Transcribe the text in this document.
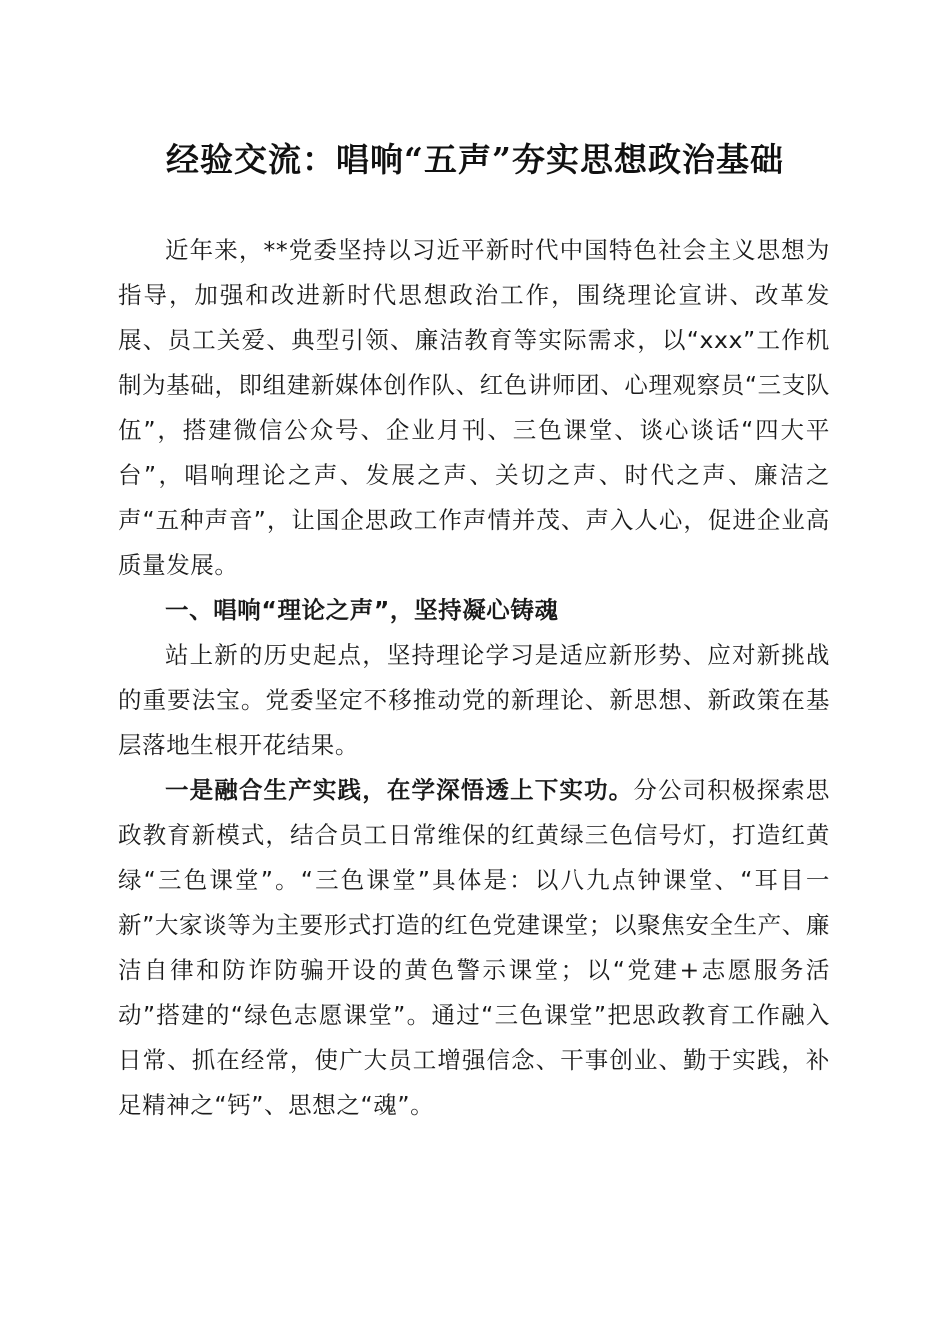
经验交流：唱响“五声”夯实思想政治基础

近年来，**党委坚持以习近平新时代中国特色社会主义思想为指导，加强和改进新时代思想政治工作，围绕理论宣讲、改革发展、员工关爱、典型引领、廉洁教育等实际需求，以“xxx”工作机制为基础，即组建新媒体创作队、红色讲师团、心理观察员“三支队伍”，搭建微信公众号、企业月刊、三色课堂、谈心谈话“四大平台”，唱响理论之声、发展之声、关切之声、时代之声、廉洁之声“五种声音”，让国企思政工作声情并茂、声入人心，促进企业高质量发展。

一、唱响“理论之声”，坚持凝心铸魂

站上新的历史起点，坚持理论学习是适应新形势、应对新挑战的重要法宝。党委坚定不移推动党的新理论、新思想、新政策在基层落地生根开花结果。

一是融合生产实践，在学深悟透上下实功。分公司积极探索思政教育新模式，结合员工日常维保的红黄绿三色信号灯，打造红黄绿“三色课堂”。“三色课堂”具体是：以八九点钟课堂、“耳目一新”大家谈等为主要形式打造的红色党建课堂；以聚焦安全生产、廉洁自律和防诈防骗开设的黄色警示课堂；以“党建+志愿服务活动”搭建的“绿色志愿课堂”。通过“三色课堂”把思政教育工作融入日常、抓在经常，使广大员工增强信念、干事创业、勤于实践，补足精神之“钙”、思想之“魂”。
